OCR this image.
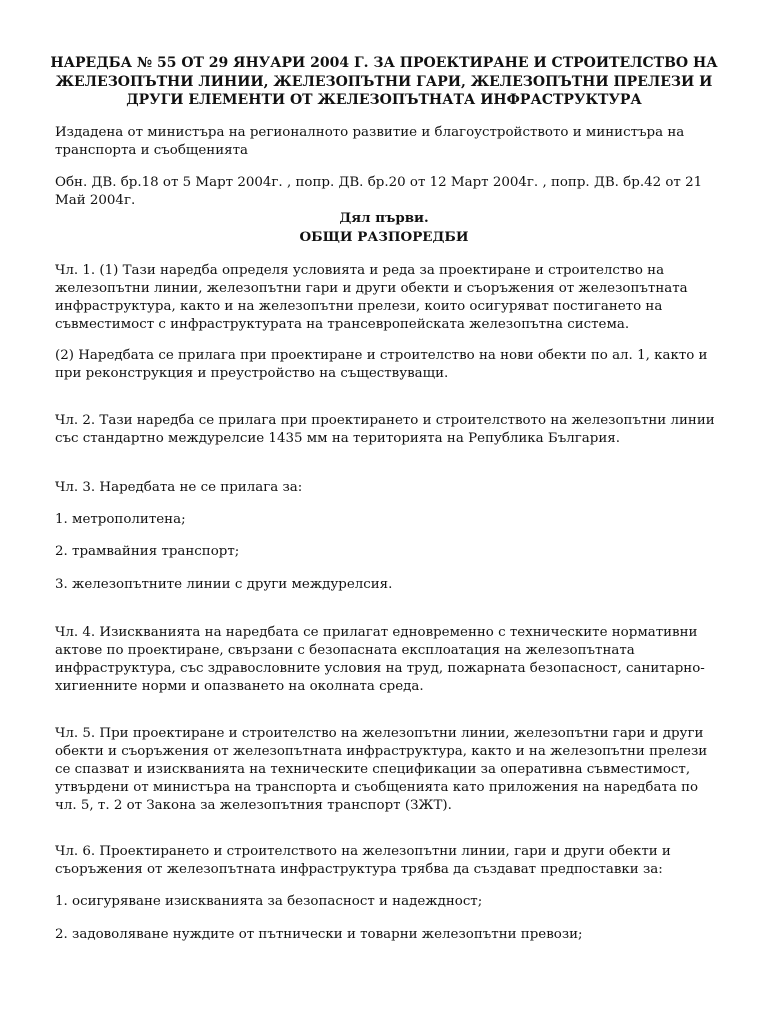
НАРЕДБА № 55 ОТ 29 ЯНУАРИ 2004 Г. ЗА ПРОЕКТИРАНЕ И СТРОИТЕЛСТВО НА ЖЕЛЕЗОПЪТНИ ЛИНИИ, ЖЕЛЕЗОПЪТНИ ГАРИ, ЖЕЛЕЗОПЪТНИ ПРЕЛЕЗИ И ДРУГИ ЕЛЕМЕНТИ ОТ ЖЕЛЕЗОПЪТНАТА ИНФРАСТРУКТУРА

Издадена от министъра на регионалното развитие и благоустройството и министъра на транспорта и съобщенията

Обн. ДВ. бр.18 от 5 Март 2004г. , попр. ДВ. бр.20 от 12 Март 2004г. , попр. ДВ. бр.42 от 21 Май 2004г.

Дял първи.

ОБЩИ РАЗПОРЕДБИ

Чл. 1. (1) Тази наредба определя условията и реда за проектиране и строителство на железопътни линии, железопътни гари и други обекти и съоръжения от железопътната инфраструктура, както и на железопътни прелези, които осигуряват постигането на съвместимост с инфраструктурата на трансевропейската железопътна система.

(2) Наредбата се прилага при проектиране и строителство на нови обекти по ал. 1, както и при реконструкция и преустройство на съществуващи.

Чл. 2. Тази наредба се прилага при проектирането и строителството на железопътни линии със стандартно междурелсие 1435 мм на територията на Република България.

Чл. 3. Наредбата не се прилага за:

1. метрополитена;

2. трамвайния транспорт;

3. железопътните линии с други междурелсия.

Чл. 4. Изискванията на наредбата се прилагат едновременно с техническите нормативни актове по проектиране, свързани с безопасната експлоатация на железопътната инфраструктура, със здравословните условия на труд, пожарната безопасност, санитарно-хигиенните норми и опазването на околната среда.

Чл. 5. При проектиране и строителство на железопътни линии, железопътни гари и други обекти и съоръжения от железопътната инфраструктура, както и на железопътни прелези се спазват и изискванията на техническите спецификации за оперативна съвместимост, утвърдени от министъра на транспорта и съобщенията като приложения на наредбата по чл. 5, т. 2 от Закона за железопътния транспорт (ЗЖТ).

Чл. 6. Проектирането и строителството на железопътни линии, гари и други обекти и съоръжения от железопътната инфраструктура трябва да създават предпоставки за:

1. осигуряване изискванията за безопасност и надеждност;

2. задоволяване нуждите от пътнически и товарни железопътни превози;
